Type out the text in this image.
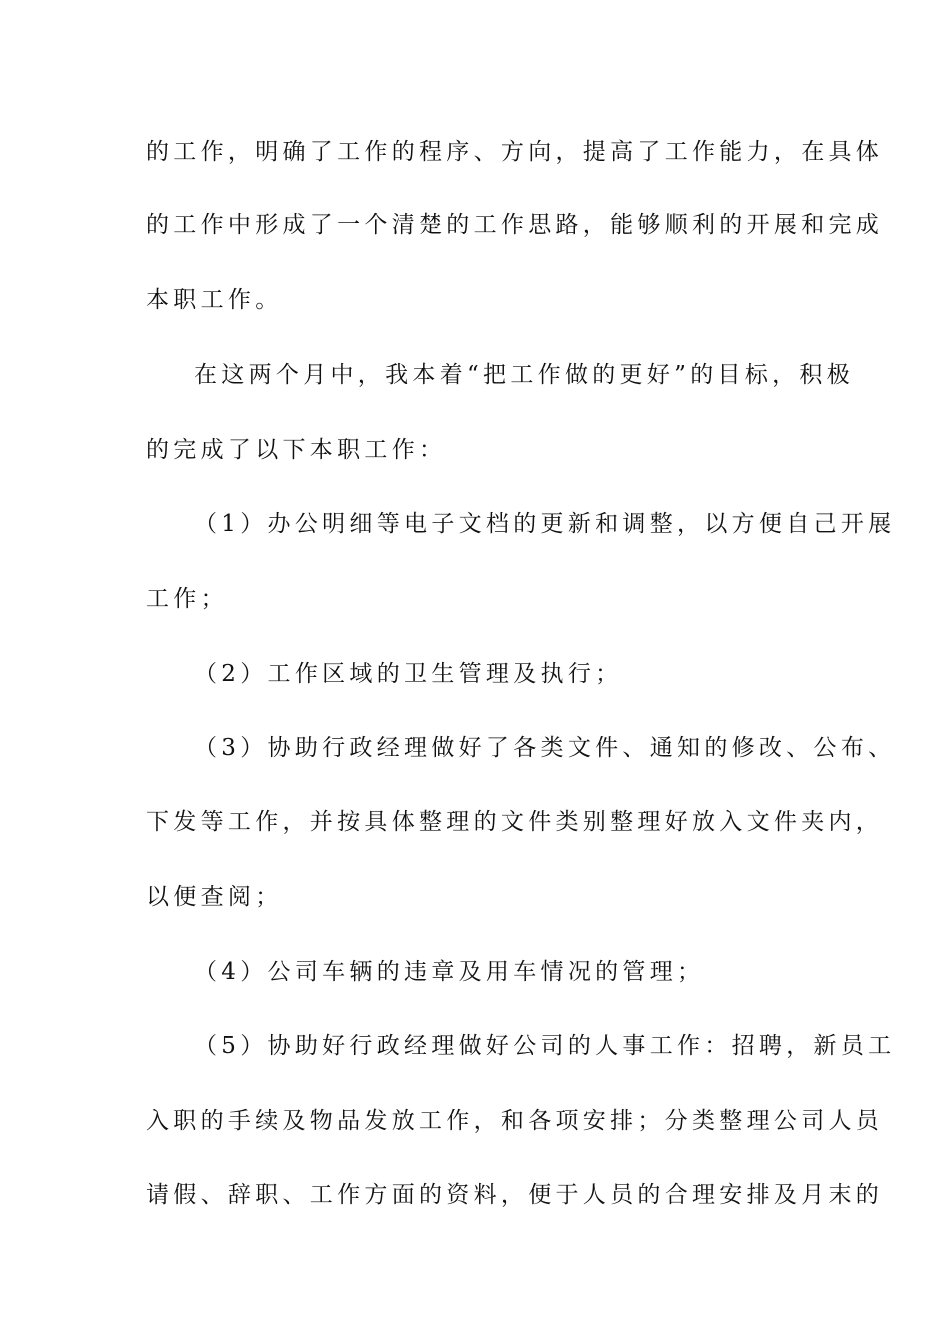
的工作，明确了工作的程序、方向，提高了工作能力，在具体
的工作中形成了一个清楚的工作思路，能够顺利的开展和完成
本职工作。
在这两个月中，我本着“把工作做的更好”的目标，积极
的完成了以下本职工作：
（1）办公明细等电子文档的更新和调整，以方便自己开展
工作；
（2）工作区域的卫生管理及执行；
（3）协助行政经理做好了各类文件、通知的修改、公布、
下发等工作，并按具体整理的文件类别整理好放入文件夹内，
以便查阅；
（4）公司车辆的违章及用车情况的管理；
（5）协助好行政经理做好公司的人事工作：招聘，新员工
入职的手续及物品发放工作，和各项安排；分类整理公司人员
请假、辞职、工作方面的资料，便于人员的合理安排及月末的
